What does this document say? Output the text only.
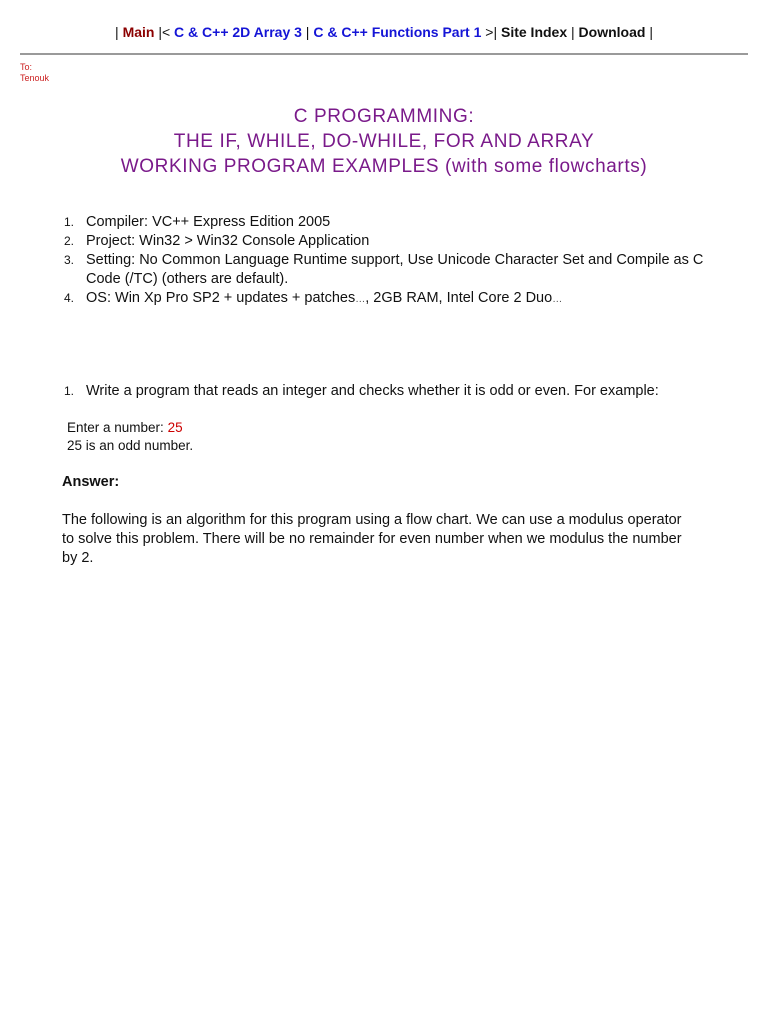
| Main |< C & C++ 2D Array 3 | C & C++ Functions Part 1 >| Site Index | Download |
To:
Tenouk
C PROGRAMMING:
THE IF, WHILE, DO-WHILE, FOR AND ARRAY
WORKING PROGRAM EXAMPLES (with some flowcharts)
1. Compiler: VC++ Express Edition 2005
2. Project: Win32 > Win32 Console Application
3. Setting: No Common Language Runtime support, Use Unicode Character Set and Compile as C Code (/TC) (others are default).
4. OS: Win Xp Pro SP2 + updates + patches…, 2GB RAM, Intel Core 2 Duo…
1. Write a program that reads an integer and checks whether it is odd or even. For example:
Enter a number: 25
25 is an odd number.
Answer:
The following is an algorithm for this program using a flow chart. We can use a modulus operator to solve this problem. There will be no remainder for even number when we modulus the number by 2.
